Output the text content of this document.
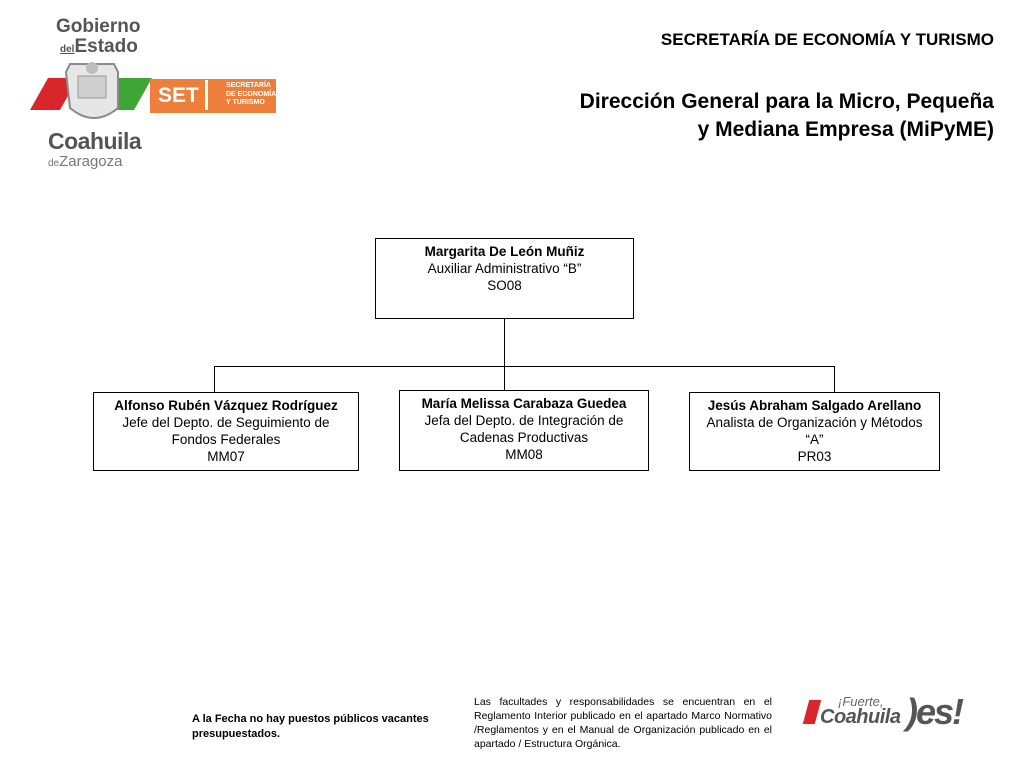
Gobierno
delEstado
Coahuila
deZaragoza
SET	SECRETARÍA
DE ECONOMÍA
Y TURISMO
SECRETARÍA DE ECONOMÍA Y TURISMO
Dirección General para la Micro, Pequeña
y Mediana Empresa (MiPyME)
Margarita De León Muñiz
Auxiliar Administrativo “B”
SO08
Alfonso Rubén Vázquez Rodríguez
Jefe del Depto. de Seguimiento de
Fondos Federales
MM07
María Melissa Carabaza Guedea
Jefa del Depto. de Integración de
Cadenas Productivas
MM08
Jesús Abraham Salgado Arellano
Analista de Organización y Métodos
“A”
PR03
A la Fecha no hay puestos públicos vacantes presupuestados.
Las facultades y responsabilidades se encuentran en el Reglamento Interior publicado en el apartado Marco Normativo /Reglamentos y en el Manual de Organización publicado en el apartado / Estructura Orgánica.
¡Fuerte,
Coahuila )es!
